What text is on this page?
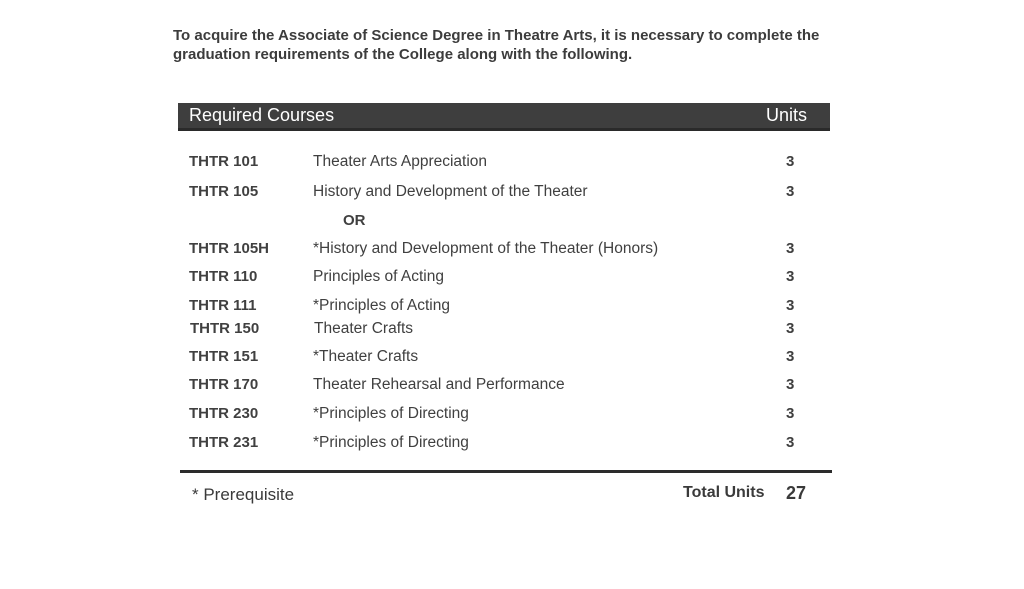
To acquire the Associate of Science Degree in Theatre Arts, it is necessary to complete the graduation requirements of the College along with the following.

Required Courses	Units
THTR 101	Theater Arts Appreciation	3
THTR 105	History and Development of the Theater	3
OR
THTR 105H	*History and Development of the Theater (Honors)	3
THTR 110	Principles of Acting	3
THTR 111	*Principles of Acting	3
THTR 150	Theater Crafts	3
THTR 151	*Theater Crafts	3
THTR 170	Theater Rehearsal and Performance	3
THTR 230	*Principles of Directing	3
THTR 231	*Principles of Directing	3
* Prerequisite	Total Units 27
